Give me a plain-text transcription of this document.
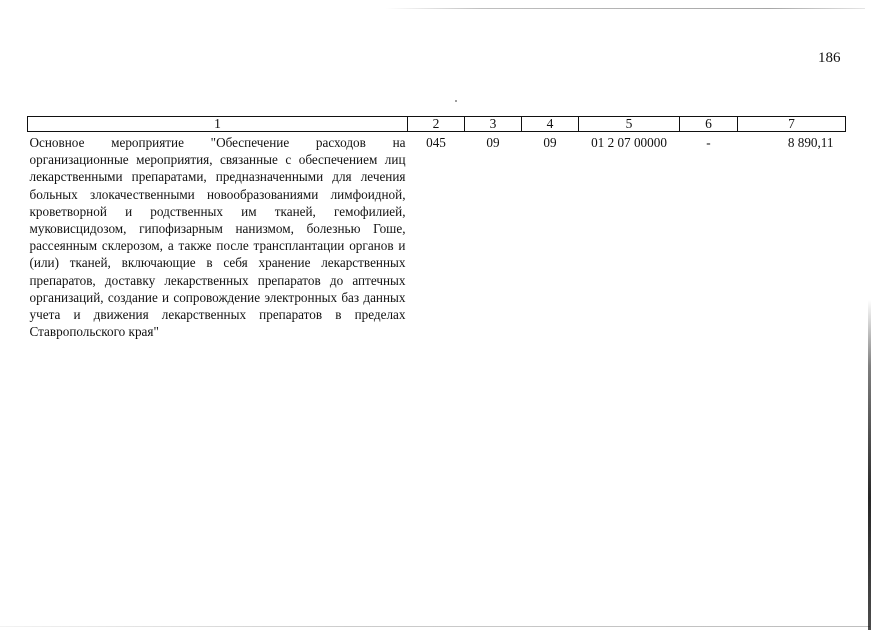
186
1	2	3	4	5	6	7
Основное мероприятие "Обеспечение расходов на организационные мероприятия, связанные с обеспечением лиц лекарственными препаратами, предназначенными для лечения больных злокачественными новообразованиями лимфоидной, кроветворной и родственных им тканей, гемофилией, муковисцидозом, гипофизарным нанизмом, болезнью Гоше, рассеянным склерозом, а также после трансплантации органов и (или) тканей, включающие в себя хранение лекарственных препаратов, доставку лекарственных препаратов до аптечных организаций, создание и сопровождение электронных баз данных учета и движения лекарственных препаратов в пределах Ставропольского края"	045	09	09	01 2 07 00000	-	8 890,11
